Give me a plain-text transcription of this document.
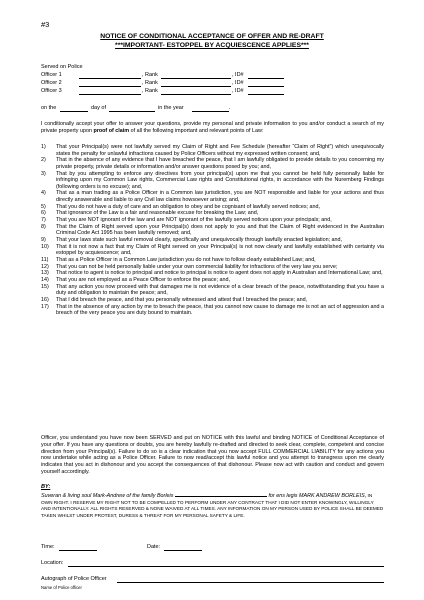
#3
NOTICE OF CONDITIONAL ACCEPTANCE OF OFFER AND RE-DRAFT
***IMPORTANT- ESTOPPEL BY ACQUIESCENCE APPLIES***
Served on Police
Officer 1	, Rank	, ID#
Officer 2	, Rank	, ID#
Officer 3	, Rank	, ID#
on the	day of	in the year	.
I conditionally accept your offer to answer your questions, provide my personal and private information to you and/or conduct a search of my private property upon proof of claim of all the following important and relevant points of Law:
1)	That your Principal(s) were not lawfully served my Claim of Right and Fee Schedule (hereafter “Claim of Right”) which unequivocally states the penalty for unlawful infractions caused by Police Officers without my expressed written consent; and,
2)	That in the absence of any evidence that I have breached the peace, that I am lawfully obligated to provide details to you concerning my private property, private details or information and/or answer questions posed by you; and,
3)	That by you attempting to enforce any directives from your principal(s) upon me that you cannot be held fully personally liable for infringing upon my Common Law rights, Commercial Law rights and Constitutional rights, in accordance with the Nuremberg Findings (following orders is no excuse); and,
4)	That as a man trading as a Police Officer in a Common law jurisdiction, you are NOT responsible and liable for your actions and thus directly answerable and liable to any Civil law claims howsoever arising; and,
5)	That you do not have a duty of care and an obligation to obey and be cognisant of lawfully served notices; and,
6)	That ignorance of the Law is a fair and reasonable excuse for breaking the Law; and,
7)	That you are NOT ignorant of the law and are NOT ignorant of the lawfully served notices upon your principals; and,
8)	That the Claim of Right served upon your Principal(s) does not apply to you and that the Claim of Right evidenced in the Australian Criminal Code Act 1995 has been lawfully removed; and,
9)	That your laws state such lawful removal clearly, specifically and unequivocally through lawfully enacted legislation; and,
10)	That it is not now a fact that my Claim of Right served on your Principal(s) is not now clearly and lawfully established with certainty via estoppel by acquiescence; and,
11)	That as a Police Officer in a Common Law jurisdiction you do not have to follow clearly established Law; and,
12)	That you can not be held personally liable under your own commercial liability for infractions of the very law you serve;
13)	That notice to agent is notice to principal and notice to principal is notice to agent does not apply in Australian and International Law; and,
14)	That you are not employed as a Peace Officer to enforce the peace; and,
15)	That any action you now proceed with that damages me is not evidence of a clear breach of the peace, notwithstanding that you have a duty and obligation to maintain the peace; and,
16)	That I did breach the peace, and that you personally witnessed and attest that I breached the peace; and,
17)	That in the absence of any action by me to breach the peace, that you cannot now cause to damage me is not an act of aggression and a breach of the very peace you are duty bound to maintain.
Officer, you understand you have now been SERVED and put on NOTICE with this lawful and binding NOTICE of Conditional Acceptance of your offer. If you have any questions or doubts, you are hereby lawfully re-drafted and directed to seek clear, complete, competent and concise direction from your Principal(s). Failure to do so is a clear indication that you now accept FULL COMMERCIAL LIABILITY for any actions you now undertake while acting as a Police Officer. Failure to now read/accept this lawful notice and you attempt to transgress upon me clearly indicates that you act in dishonour and you accept the consequences of that dishonour. Please now act with caution and conduct and govern yourself accordingly.
BY:
Suveran & living soul Mark-Andrew of the family Borleis	for ens legis MARK ANDREW BORLEIS, IN OWN RIGHT. I RESERVE MY RIGHT NOT TO BE COMPELLED TO PERFORM UNDER ANY CONTRACT THAT I DID NOT ENTER KNOWINGLY, WILLINGLY AND INTENTIONALLY. ALL RIGHTS RESERVED & NONE WAIVED AT ALL TIMES. ANY INFORMATION ON MY PERSON USED BY POLICE SHALL BE DEEMED TAKEN WHILST UNDER PROTEST, DURESS & THREAT FOR MY PERSONAL SAFETY & LIFE.
Time:	Date:
Location:
Autograph of Police Officer
Name of Police officer
